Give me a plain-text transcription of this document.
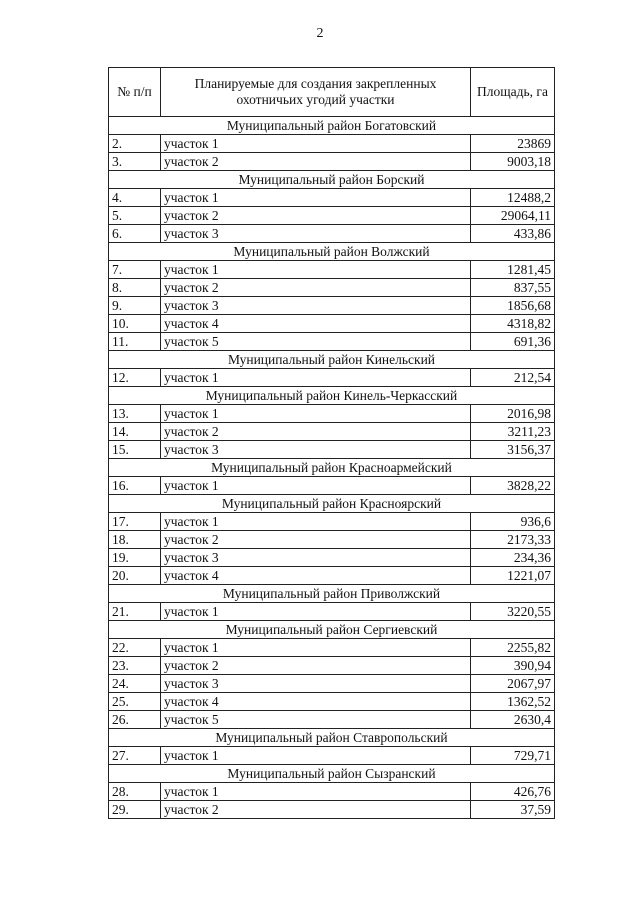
2
№ п/п	Планируемые для создания закрепленных охотничьих угодий участки	Площадь, га
Муниципальный район Богатовский		
2.	участок 1	23869
3.	участок 2	9003,18
Муниципальный район Борский		
4.	участок 1	12488,2
5.	участок 2	29064,11
6.	участок 3	433,86
Муниципальный район Волжский		
7.	участок 1	1281,45
8.	участок 2	837,55
9.	участок 3	1856,68
10.	участок 4	4318,82
11.	участок 5	691,36
Муниципальный район Кинельский		
12.	участок 1	212,54
Муниципальный район Кинель-Черкасский		
13.	участок 1	2016,98
14.	участок 2	3211,23
15.	участок 3	3156,37
Муниципальный район Красноармейский		
16.	участок 1	3828,22
Муниципальный район Красноярский		
17.	участок 1	936,6
18.	участок 2	2173,33
19.	участок 3	234,36
20.	участок 4	1221,07
Муниципальный район Приволжский		
21.	участок 1	3220,55
Муниципальный район Сергиевский		
22.	участок 1	2255,82
23.	участок 2	390,94
24.	участок 3	2067,97
25.	участок 4	1362,52
26.	участок 5	2630,4
Муниципальный район Ставропольский		
27.	участок 1	729,71
Муниципальный район Сызранский		
28.	участок 1	426,76
29.	участок 2	37,59
